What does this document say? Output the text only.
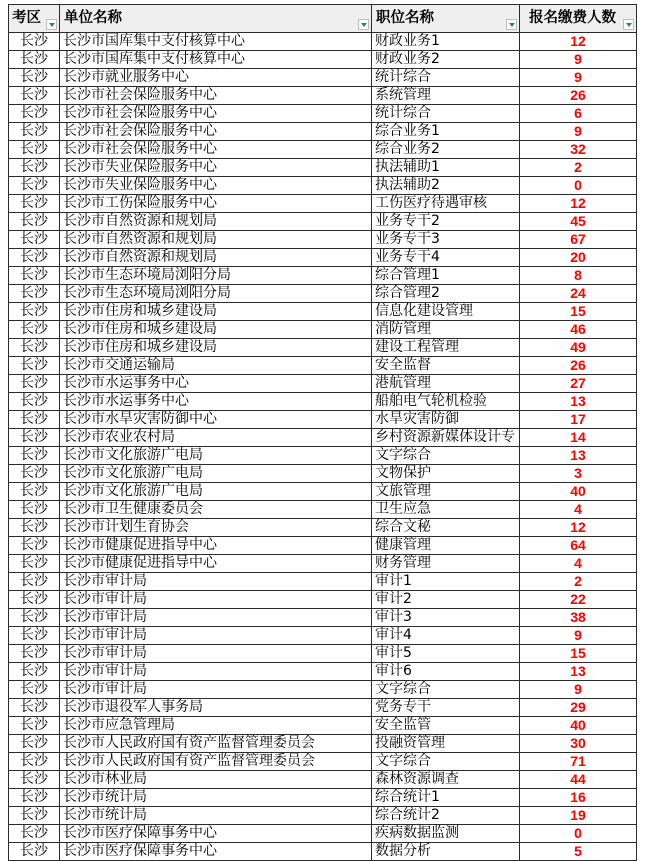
考区	单位名称	职位名称	报名缴费人数
长沙	长沙市国库集中支付核算中心	财政业务1	12
长沙	长沙市国库集中支付核算中心	财政业务2	9
长沙	长沙市就业服务中心	统计综合	9
长沙	长沙市社会保险服务中心	系统管理	26
长沙	长沙市社会保险服务中心	统计综合	6
长沙	长沙市社会保险服务中心	综合业务1	9
长沙	长沙市社会保险服务中心	综合业务2	32
长沙	长沙市失业保险服务中心	执法辅助1	2
长沙	长沙市失业保险服务中心	执法辅助2	0
长沙	长沙市工伤保险服务中心	工伤医疗待遇审核	12
长沙	长沙市自然资源和规划局	业务专干2	45
长沙	长沙市自然资源和规划局	业务专干3	67
长沙	长沙市自然资源和规划局	业务专干4	20
长沙	长沙市生态环境局浏阳分局	综合管理1	8
长沙	长沙市生态环境局浏阳分局	综合管理2	24
长沙	长沙市住房和城乡建设局	信息化建设管理	15
长沙	长沙市住房和城乡建设局	消防管理	46
长沙	长沙市住房和城乡建设局	建设工程管理	49
长沙	长沙市交通运输局	安全监督	26
长沙	长沙市水运事务中心	港航管理	27
长沙	长沙市水运事务中心	船舶电气轮机检验	13
长沙	长沙市水旱灾害防御中心	水旱灾害防御	17
长沙	长沙市农业农村局	乡村资源新媒体设计专	14
长沙	长沙市文化旅游广电局	文字综合	13
长沙	长沙市文化旅游广电局	文物保护	3
长沙	长沙市文化旅游广电局	文旅管理	40
长沙	长沙市卫生健康委员会	卫生应急	4
长沙	长沙市计划生育协会	综合文秘	12
长沙	长沙市健康促进指导中心	健康管理	64
长沙	长沙市健康促进指导中心	财务管理	4
长沙	长沙市审计局	审计1	2
长沙	长沙市审计局	审计2	22
长沙	长沙市审计局	审计3	38
长沙	长沙市审计局	审计4	9
长沙	长沙市审计局	审计5	15
长沙	长沙市审计局	审计6	13
长沙	长沙市审计局	文字综合	9
长沙	长沙市退役军人事务局	党务专干	29
长沙	长沙市应急管理局	安全监管	40
长沙	长沙市人民政府国有资产监督管理委员会	投融资管理	30
长沙	长沙市人民政府国有资产监督管理委员会	文字综合	71
长沙	长沙市林业局	森林资源调查	44
长沙	长沙市统计局	综合统计1	16
长沙	长沙市统计局	综合统计2	19
长沙	长沙市医疗保障事务中心	疾病数据监测	0
长沙	长沙市医疗保障事务中心	数据分析	5
